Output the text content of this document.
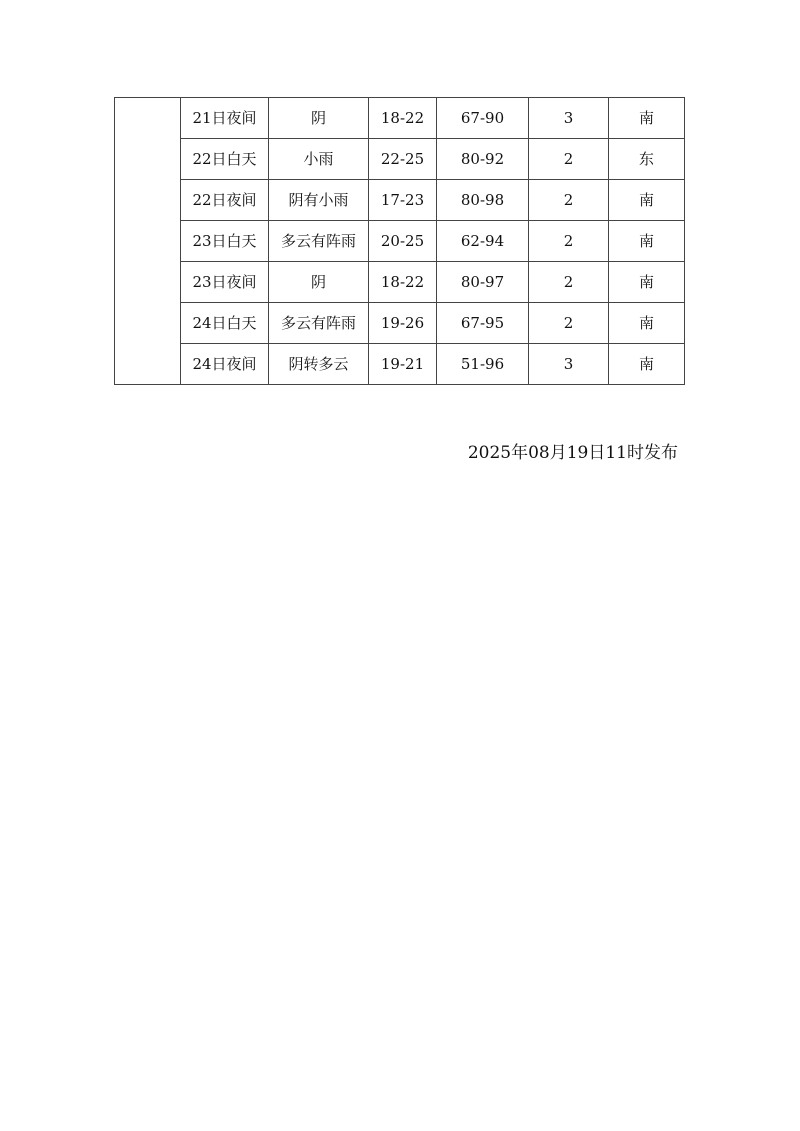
	21日夜间	阴	18-22	67-90	3	南
	22日白天	小雨	22-25	80-92	2	东
	22日夜间	阴有小雨	17-23	80-98	2	南
	23日白天	多云有阵雨	20-25	62-94	2	南
	23日夜间	阴	18-22	80-97	2	南
	24日白天	多云有阵雨	19-26	67-95	2	南
	24日夜间	阴转多云	19-21	51-96	3	南
2025年08月19日11时发布
